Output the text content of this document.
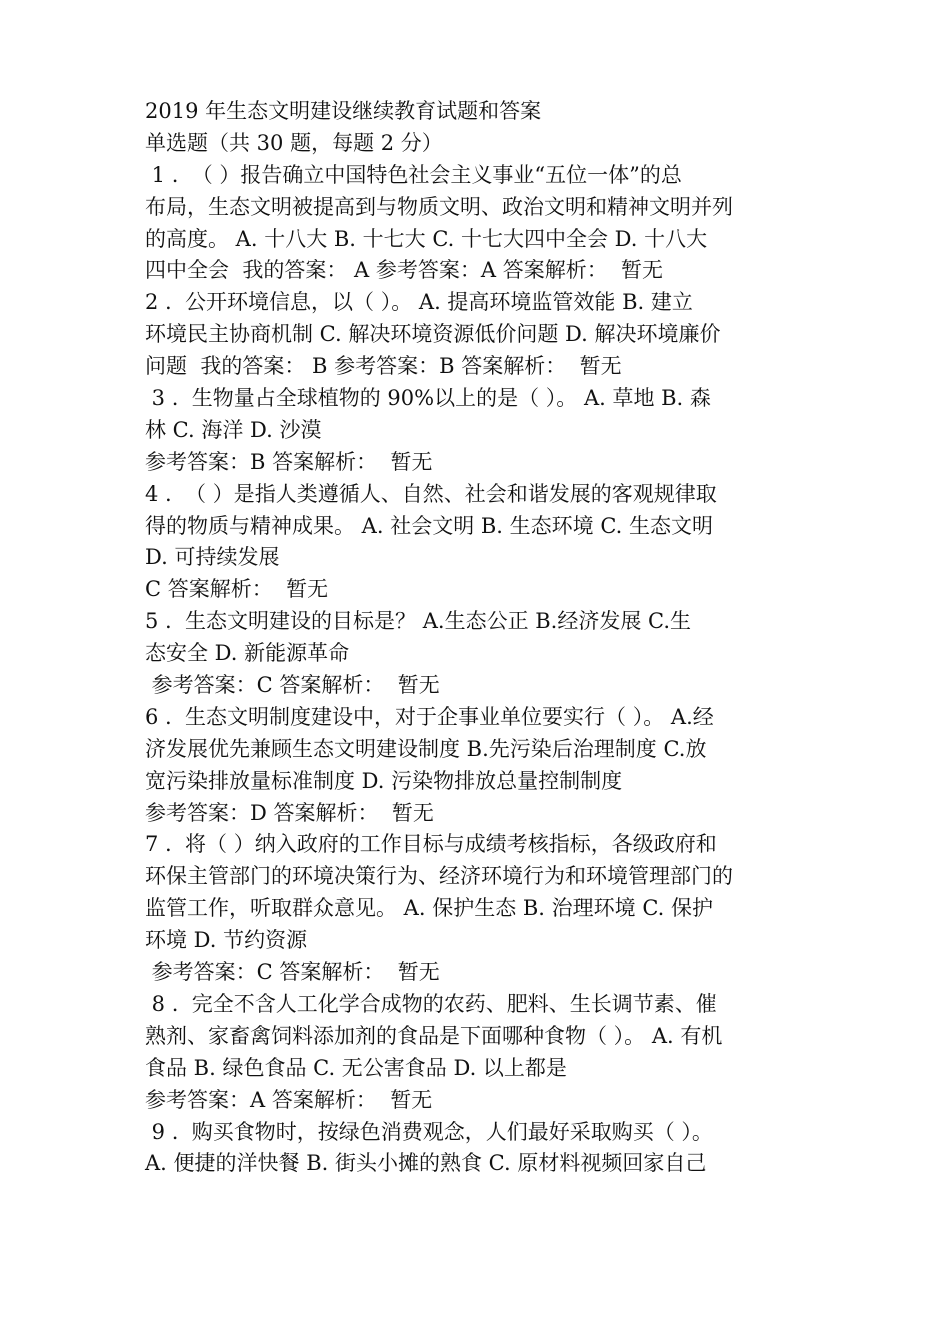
2019 年生态文明建设继续教育试题和答案
单选题（共 30 题，每题 2 分）
1 .  （ ）报告确立中国特色社会主义事业“五位一体”的总
布局，生态文明被提高到与物质文明、政治文明和精神文明并列
的高度。 A. 十八大 B. 十七大 C. 十七大四中全会 D. 十八大
四中全会  我的答案： A 参考答案：A 答案解析：  暂无
2 .  公开环境信息，以（ ）。 A. 提高环境监管效能 B. 建立
环境民主协商机制 C. 解决环境资源低价问题 D. 解决环境廉价
问题  我的答案： B 参考答案：B 答案解析：  暂无
3 .  生物量占全球植物的 90%以上的是（ ）。 A. 草地 B. 森
林 C. 海洋 D. 沙漠
参考答案：B 答案解析：  暂无
4 .  （ ）是指人类遵循人、自然、社会和谐发展的客观规律取
得的物质与精神成果。 A. 社会文明 B. 生态环境 C. 生态文明
D. 可持续发展
C 答案解析：  暂无
5 .  生态文明建设的目标是？ A.生态公正 B.经济发展 C.生
态安全 D. 新能源革命
参考答案：C 答案解析：  暂无
6 .  生态文明制度建设中，对于企事业单位要实行（ ）。 A.经
济发展优先兼顾生态文明建设制度 B.先污染后治理制度 C.放
宽污染排放量标准制度 D. 污染物排放总量控制制度
参考答案：D 答案解析：  暂无
7 .  将（ ）纳入政府的工作目标与成绩考核指标，各级政府和
环保主管部门的环境决策行为、经济环境行为和环境管理部门的
监管工作，听取群众意见。 A. 保护生态 B. 治理环境 C. 保护
环境 D. 节约资源
参考答案：C 答案解析：  暂无
8 .  完全不含人工化学合成物的农药、肥料、生长调节素、催
熟剂、家畜禽饲料添加剂的食品是下面哪种食物（ ）。 A. 有机
食品 B. 绿色食品 C. 无公害食品 D. 以上都是
参考答案：A 答案解析：  暂无
9 .  购买食物时，按绿色消费观念，人们最好采取购买（ ）。
A. 便捷的洋快餐 B. 街头小摊的熟食 C. 原材料视频回家自己
